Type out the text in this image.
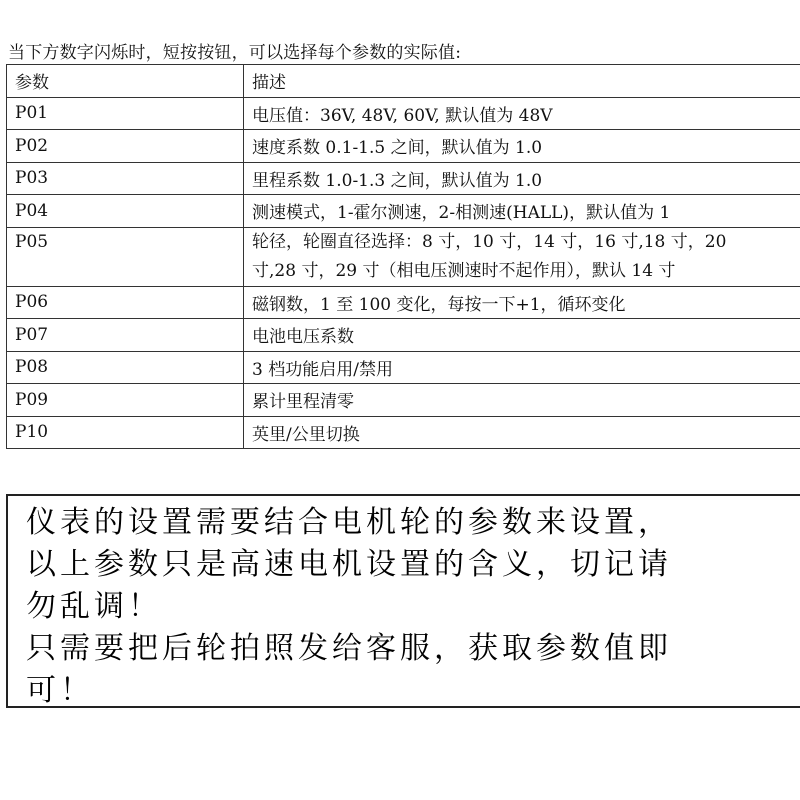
当下方数字闪烁时，短按按钮，可以选择每个参数的实际值:
参数	描述
P01	电压值：36V, 48V, 60V, 默认值为 48V
P02	速度系数 0.1-1.5 之间，默认值为 1.0
P03	里程系数 1.0-1.3 之间，默认值为 1.0
P04	测速模式，1-霍尔测速，2-相测速(HALL)，默认值为 1
P05	轮径，轮圈直径选择：8 寸，10 寸，14 寸，16 寸,18 寸，20
寸,28 寸，29 寸（相电压测速时不起作用），默认 14 寸

P06	磁钢数，1 至 100 变化，每按一下+1，循环变化
P07	电池电压系数
P08	3 档功能启用/禁用
P09	累计里程清零
P10	英里/公里切换
仪表的设置需要结合电机轮的参数来设置，
以上参数只是高速电机设置的含义，切记请
勿乱调！
只需要把后轮拍照发给客服，获取参数值即
可！
